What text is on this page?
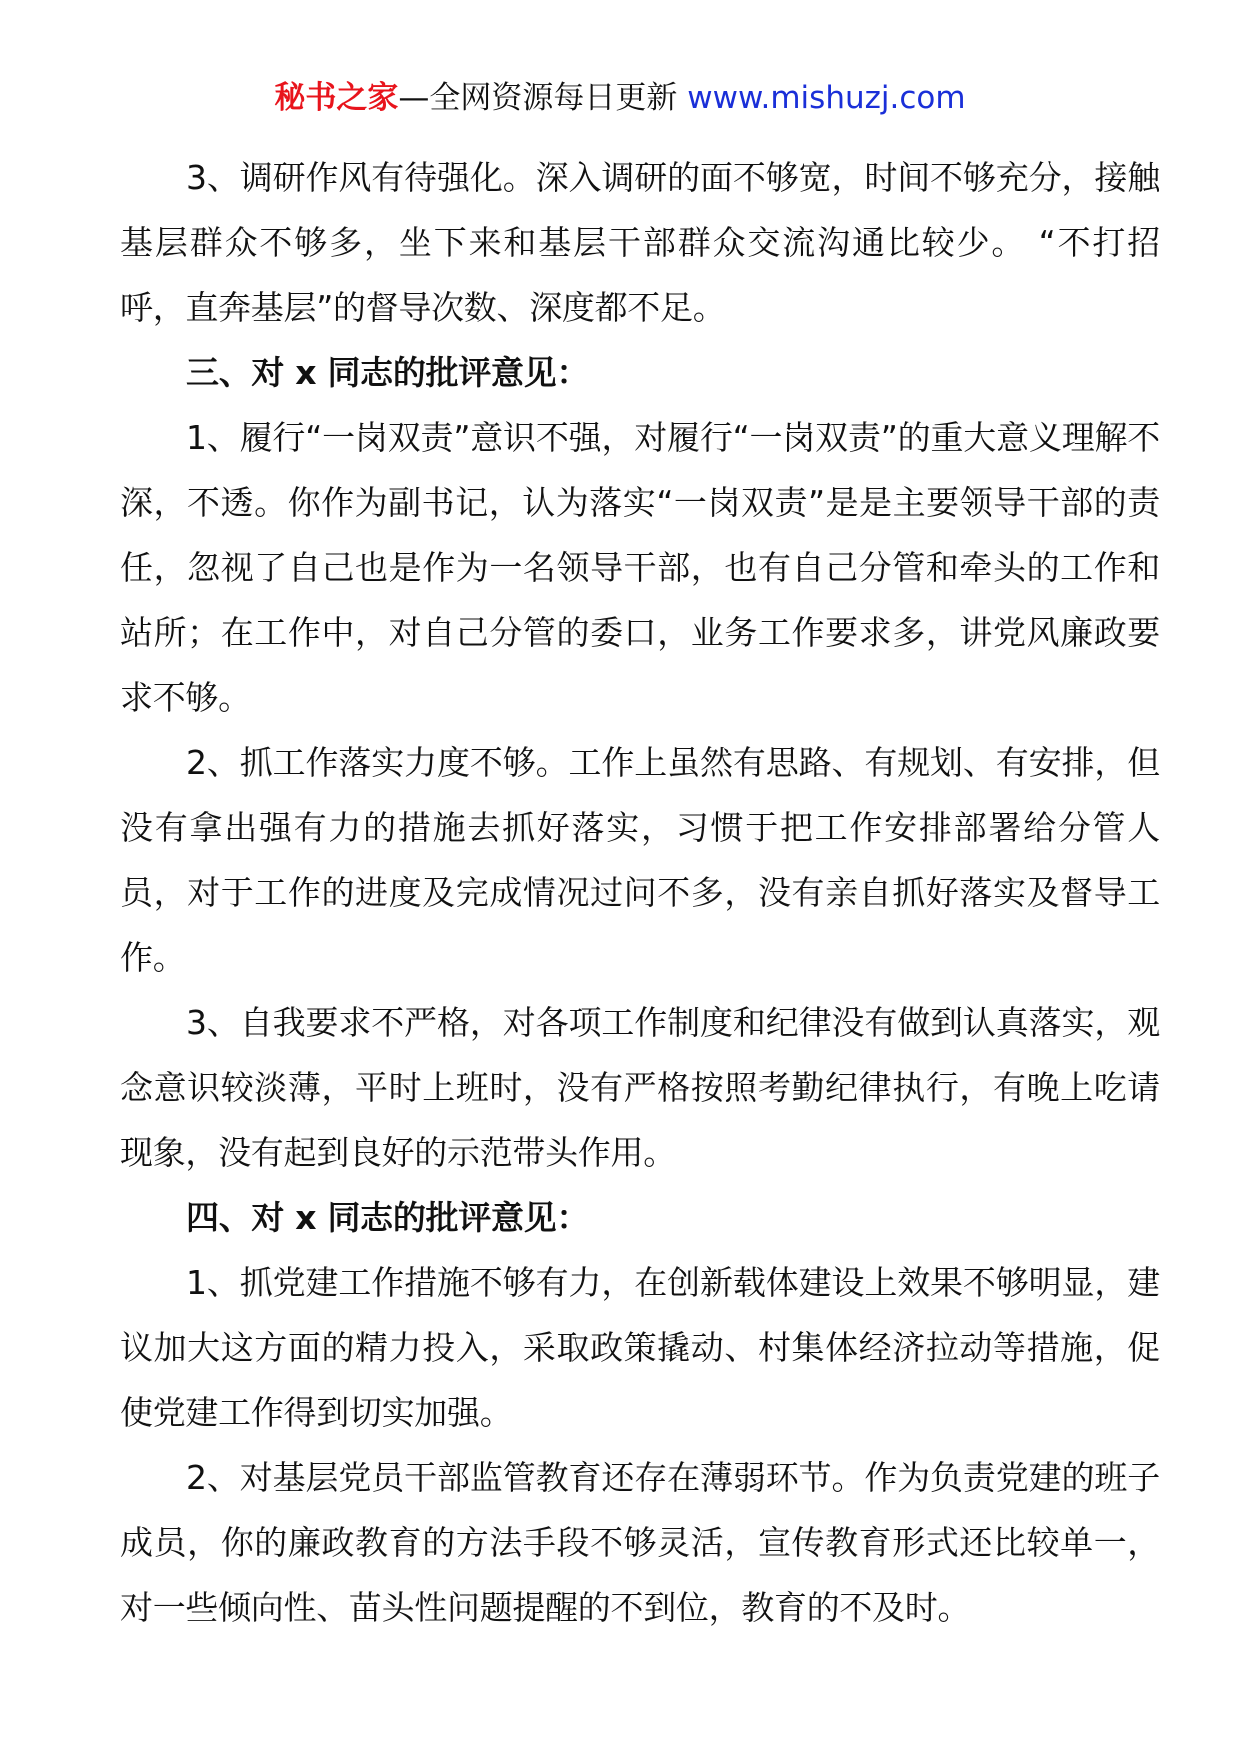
秘书之家—全网资源每日更新 www.mishuzj.com

3、调研作风有待强化。深入调研的面不够宽，时间不够充分，接触基层群众不够多，坐下来和基层干部群众交流沟通比较少。 “不打招呼，直奔基层”的督导次数、深度都不足。

三、对 x 同志的批评意见：

1、履行“一岗双责”意识不强，对履行“一岗双责”的重大意义理解不深，不透。你作为副书记，认为落实“一岗双责”是是主要领导干部的责任，忽视了自己也是作为一名领导干部，也有自己分管和牵头的工作和站所；在工作中，对自己分管的委口，业务工作要求多，讲党风廉政要求不够。

2、抓工作落实力度不够。工作上虽然有思路、有规划、有安排，但没有拿出强有力的措施去抓好落实，习惯于把工作安排部署给分管人员，对于工作的进度及完成情况过问不多，没有亲自抓好落实及督导工作。

3、自我要求不严格，对各项工作制度和纪律没有做到认真落实，观念意识较淡薄，平时上班时，没有严格按照考勤纪律执行，有晚上吃请现象，没有起到良好的示范带头作用。

四、对 x 同志的批评意见：

1、抓党建工作措施不够有力，在创新载体建设上效果不够明显，建议加大这方面的精力投入，采取政策撬动、村集体经济拉动等措施，促使党建工作得到切实加强。

2、对基层党员干部监管教育还存在薄弱环节。作为负责党建的班子成员，你的廉政教育的方法手段不够灵活，宣传教育形式还比较单一，对一些倾向性、苗头性问题提醒的不到位，教育的不及时。
